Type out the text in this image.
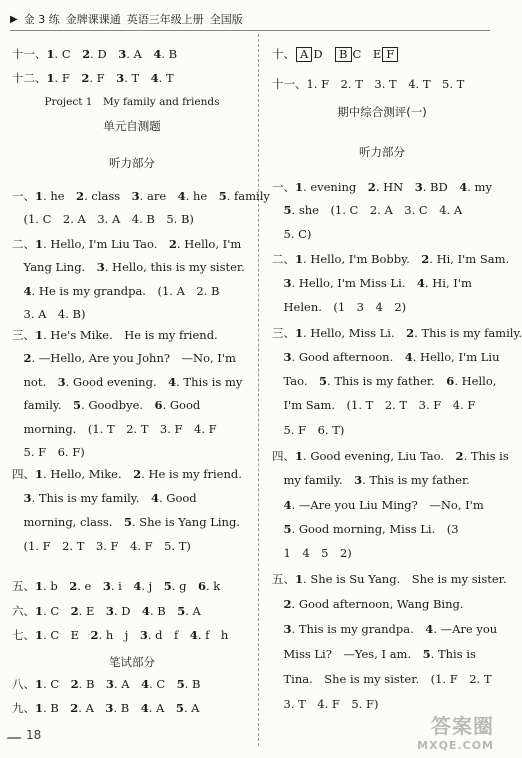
▶ 金 3 练 金牌课课通 英语三年级上册 全国版
十一、1. C　2. D　3. A　4. B
十二、1. F　2. F　3. T　4. T
Project 1　My family and friends
单元自测题
听力部分
笔试部分
一、1. he　2. class　3. are　4. he　5. family
　(1. C　2. A　3. A　4. B　5. B)
二、1. Hello, I'm Liu Tao.　2. Hello, I'm
　Yang Ling.　3. Hello, this is my sister.
　4. He is my grandpa.　(1. A　2. B
　3. A　4. B)
三、1. He's Mike.　He is my friend.
　2. —Hello, Are you John?　—No, I'm
　not.　3. Good evening.　4. This is my
　family.　5. Goodbye.　6. Good
　morning.　(1. T　2. T　3. F　4. F
　5. F　6. F)
四、1. Hello, Mike.　2. He is my friend.
　3. This is my family.　4. Good
　morning, class.　5. She is Yang Ling.
　(1. F　2. T　3. F　4. F　5. T)
五、1. b　2. e　3. i　4. j　5. g　6. k
六、1. C　2. E　3. D　4. B　5. A
七、1. C　E　2. h　j　3. d　f　4. f　h
八、1. C　2. B　3. A　4. C　5. B
九、1. B　2. A　3. B　4. A　5. A
十、 A D　 B C　 E F
十一、1. F　2. T　3. T　4. T　5. T
期中综合测评(一)
听力部分
一、1. evening　2. HN　3. BD　4. my
　5. she　(1. C　2. A　3. C　4. A
　5. C)
二、1. Hello, I'm Bobby.　2. Hi, I'm Sam.
　3. Hello, I'm Miss Li.　4. Hi, I'm
　Helen.　(1　3　4　2)
三、1. Hello, Miss Li.　2. This is my family.
　3. Good afternoon.　4. Hello, I'm Liu
　Tao.　5. This is my father.　6. Hello,
　I'm Sam.　(1. T　2. T　3. F　4. F
　5. F　6. T)
四、1. Good evening, Liu Tao.　2. This is
　my family.　3. This is my father.
　4. —Are you Liu Ming?　—No, I'm
　5. Good morning, Miss Li.　(3
　1　4　5　2)
五、1. She is Su Yang.　She is my sister.
　2. Good afternoon, Wang Bing.
　3. This is my grandpa.　4. —Are you
　Miss Li?　—Yes, I am.　5. This is
　Tina.　She is my sister.　(1. F　2. T
　3. T　4. F　5. F)
18	答案圈
MXQE.COM
